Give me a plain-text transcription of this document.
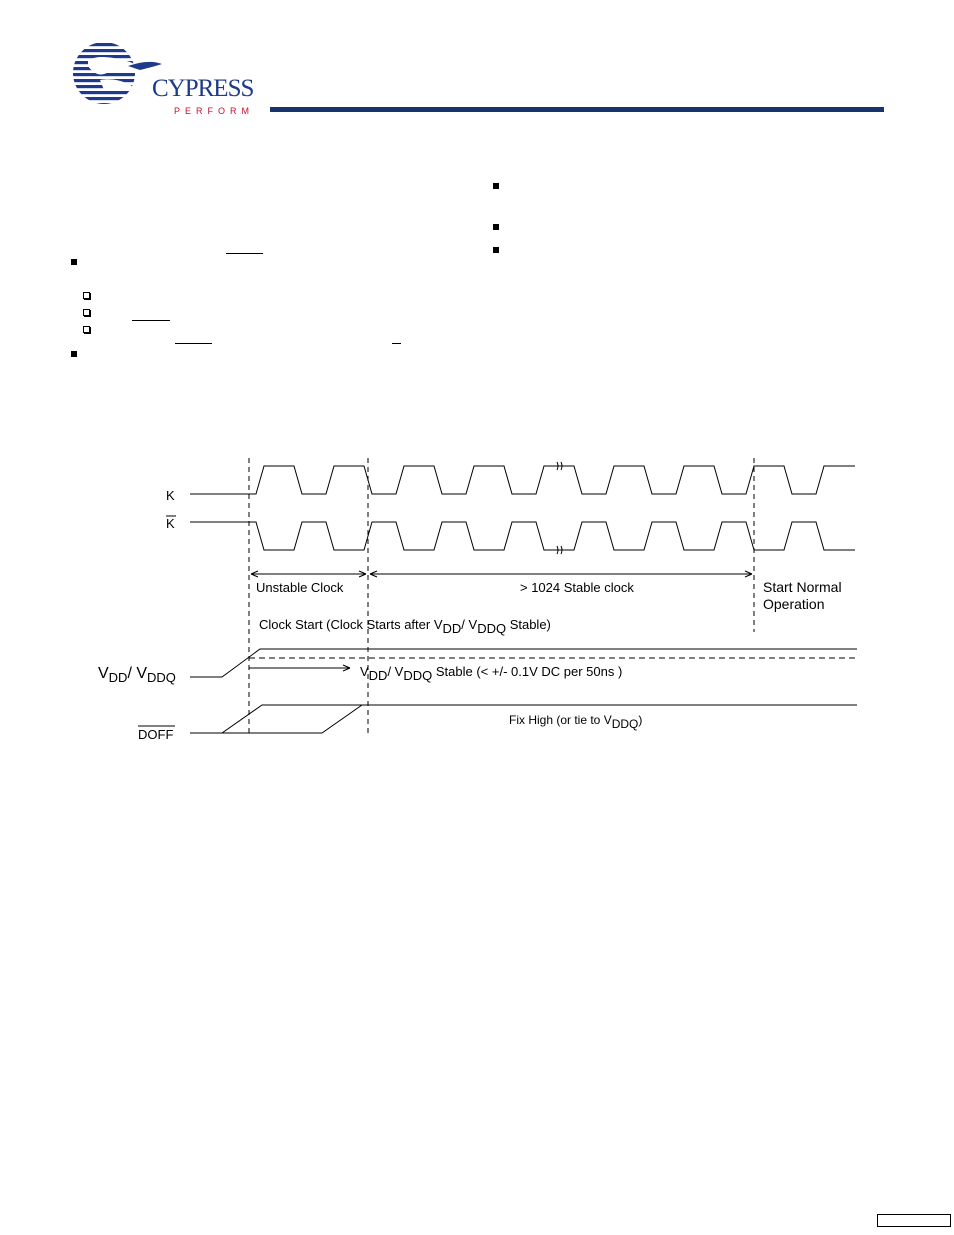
CYPRESS
PERFORM
K
K
Unstable Clock	> 1024 Stable clock	Start Normal
Operation
Clock Start (Clock Starts after VDD/ VDDQ Stable)
$V_{DD}/$ $V_{DDQ}$	VDD/ VDDQ Stable (< +/- 0.1V DC per 50ns )
DOFF
Fix High (or tie to VDDQ)
